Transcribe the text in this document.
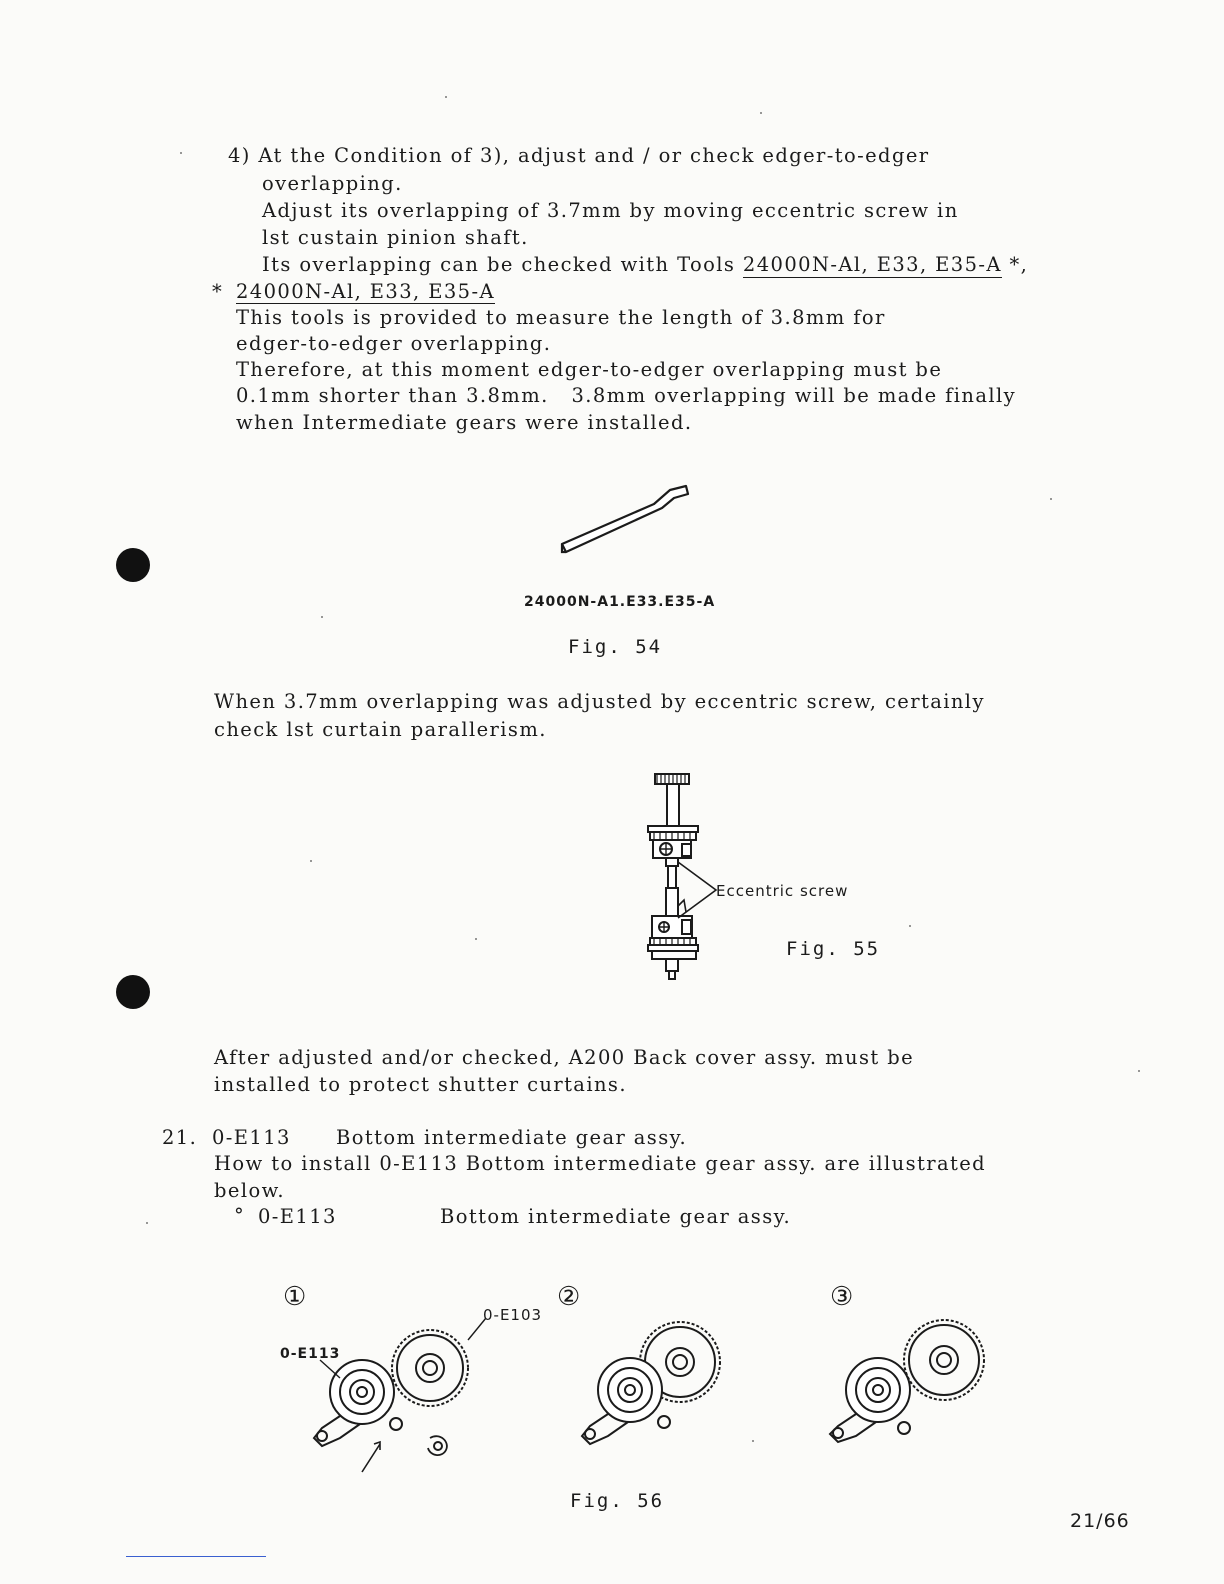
4) At the Condition of 3), adjust and / or check edger-to-edger
overlapping.
Adjust its overlapping of 3.7mm by moving eccentric screw in
lst custain pinion shaft.
Its overlapping can be checked with Tools 24000N-Al, E33, E35-A *,
* 24000N-Al, E33, E35-A
This tools is provided to measure the length of 3.8mm for
edger-to-edger overlapping.
Therefore, at this moment edger-to-edger overlapping must be
0.1mm shorter than 3.8mm.   3.8mm overlapping will be made finally
when Intermediate gears were installed.
24000N-A1.E33.E35-A
Fig. 54
When 3.7mm overlapping was adjusted by eccentric screw, certainly
check lst curtain parallerism.
Eccentric screw
Fig. 55
After adjusted and/or checked, A200 Back cover assy. must be
installed to protect shutter curtains.
21. 0-E113 Bottom intermediate gear assy.
How to install 0-E113 Bottom intermediate gear assy. are illustrated
below.
° 0-E113	Bottom intermediate gear assy.
①	②	③
0-E103
0-E113
Fig. 56
21/66
